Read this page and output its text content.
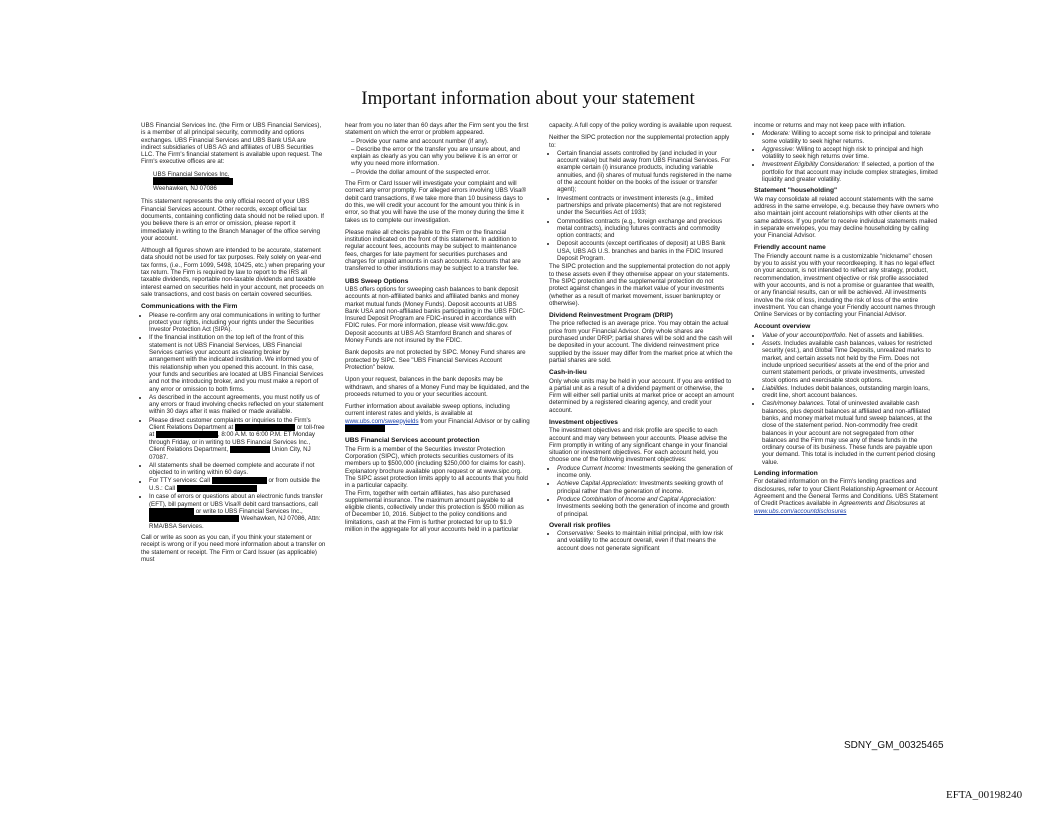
Important information about your statement

UBS Financial Services Inc. (the Firm or UBS Financial Services), is a member of all principal security, commodity and options exchanges. UBS Financial Services and UBS Bank USA are indirect subsidiaries of UBS AG and affiliates of UBS Securities LLC. The Firm's financial statement is available upon request. The Firm's executive offices are at:

UBS Financial Services Inc.
Weehawken, NJ 07086

This statement represents the only official record of your UBS Financial Services account. Other records, except official tax documents, containing conflicting data should not be relied upon. If you believe there is an error or omission, please report it immediately in writing to the Branch Manager of the office serving your account.

Although all figures shown are intended to be accurate, statement data should not be used for tax purposes. Rely solely on year-end tax forms, (i.e., Form 1099, 5498, 10425, etc.) when preparing your tax return. The Firm is required by law to report to the IRS all taxable dividends, reportable non-taxable dividends and taxable interest earned on securities held in your account, net proceeds on sale transactions, and cost basis on certain covered securities.

Communications with the Firm
• Please re-confirm any oral communications in writing to further protect your rights, including your rights under the Securities Investor Protection Act (SIPA).
• If the financial institution on the top left of the front of this statement is not UBS Financial Services, UBS Financial Services carries your account as clearing broker by arrangement with the indicated institution. We informed you of this relationship when you opened this account. In this case, your funds and securities are located at UBS Financial Services and not the introducing broker, and you must make a report of any error or omission to both firms.
• As described in the account agreements, you must notify us of any errors or fraud involving checks reflected on your statement within 30 days after it was mailed or made available.
• Please direct customer complaints or inquiries to the Firm's Client Relations Department at	or toll-free at	, 8:00 A.M. to 6:00 P.M. ET Monday through Friday, or in writing to UBS Financial Services Inc., Client Relations Department,	Union City, NJ 07087.
• All statements shall be deemed complete and accurate if not objected to in writing within 60 days.
• For TTY services: Call	or from outside the U.S.: Call
• In case of errors or questions about an electronic funds transfer (EFT), bill payment or UBS Visa® debit card transactions, call  or write to UBS Financial Services Inc.,  Weehawken, NJ 07086, Attn: RMA/BSA Services.

Call or write as soon as you can, if you think your statement or receipt is wrong or if you need more information about a transfer on the statement or receipt. The Firm or Card Issuer (as applicable) must

hear from you no later than 60 days after the Firm sent you the first statement on which the error or problem appeared.

– Provide your name and account number (if any).
– Describe the error or the transfer you are unsure about, and explain as clearly as you can why you believe it is an error or why you need more information.
– Provide the dollar amount of the suspected error.

The Firm or Card Issuer will investigate your complaint and will correct any error promptly. For alleged errors involving UBS Visa® debit card transactions, if we take more than 10 business days to do this, we will credit your account for the amount you think is in error, so that you will have the use of the money during the time it takes us to complete our investigation.

Please make all checks payable to the Firm or the financial institution indicated on the front of this statement. In addition to regular account fees, accounts may be subject to maintenance fees, charges for late payment for securities purchases and charges for unpaid amounts in cash accounts. Accounts that are transferred to other institutions may be subject to a transfer fee.

UBS Sweep Options

UBS offers options for sweeping cash balances to bank deposit accounts at non-affiliated banks and affiliated banks and money market mutual funds (Money Funds). Deposit accounts at UBS Bank USA and non-affiliated banks participating in the UBS FDIC-Insured Deposit Program are FDIC-insured in accordance with FDIC rules. For more information, please visit www.fdic.gov. Deposit accounts at UBS AG Stamford Branch and shares of Money Funds are not insured by the FDIC.

Bank deposits are not protected by SIPC. Money Fund shares are protected by SIPC. See "UBS Financial Services Account Protection" below.

Upon your request, balances in the bank deposits may be withdrawn, and shares of a Money Fund may be liquidated, and the proceeds returned to you or your securities account.

Further information about available sweep options, including current interest rates and yields, is available at www.ubs.com/sweepyields from your Financial Advisor or by calling

UBS Financial Services account protection

The Firm is a member of the Securities Investor Protection Corporation (SIPC), which protects securities customers of its members up to $500,000 (including $250,000 for claims for cash). Explanatory brochure available upon request or at www.sipc.org. The SIPC asset protection limits apply to all accounts that you hold in a particular capacity.

The Firm, together with certain affiliates, has also purchased supplemental insurance. The maximum amount payable to all eligible clients, collectively under this protection is $500 million as of December 10, 2016. Subject to the policy conditions and limitations, cash at the Firm is further protected for up to $1.9 million in the aggregate for all your accounts held in a particular

capacity. A full copy of the policy wording is available upon request.

Neither the SIPC protection nor the supplemental protection apply to:

• Certain financial assets controlled by (and included in your account value) but held away from UBS Financial Services. For example certain (i) insurance products, including variable annuities, and (ii) shares of mutual funds registered in the name of the account holder on the books of the issuer or transfer agent);
• Investment contracts or investment interests (e.g., limited partnerships and private placements) that are not registered under the Securities Act of 1933;
• Commodities contracts (e.g., foreign exchange and precious metal contracts), including futures contracts and commodity option contracts; and
• Deposit accounts (except certificates of deposit) at UBS Bank USA, UBS AG U.S. branches and banks in the FDIC Insured Deposit Program.

The SIPC protection and the supplemental protection do not apply to these assets even if they otherwise appear on your statements. The SIPC protection and the supplemental protection do not protect against changes in the market value of your investments (whether as a result of market movement, issuer bankruptcy or otherwise).

Dividend Reinvestment Program (DRIP)

The price reflected is an average price. You may obtain the actual price from your Financial Advisor. Only whole shares are purchased under DRIP; partial shares will be sold and the cash will be deposited in your account. The dividend reinvestment price supplied by the issuer may differ from the market price at which the partial shares are sold.

Cash-in-lieu

Only whole units may be held in your account. If you are entitled to a partial unit as a result of a dividend payment or otherwise, the Firm will either sell partial units at market price or accept an amount determined by a registered clearing agency, and credit your account.

Investment objectives

The investment objectives and risk profile are specific to each account and may vary between your accounts. Please advise the Firm promptly in writing of any significant change in your financial situation or investment objectives. For each account held, you choose one of the following investment objectives:

• Produce Current Income: Investments seeking the generation of income only.
• Achieve Capital Appreciation: Investments seeking growth of principal rather than the generation of income.
• Produce Combination of Income and Capital Appreciation: Investments seeking both the generation of income and growth of principal.
Overall risk profiles
• Conservative: Seeks to maintain initial principal, with low risk and volatility to the account overall, even if that means the account does not generate significant

income or returns and may not keep pace with inflation.

• Moderate: Willing to accept some risk to principal and tolerate some volatility to seek higher returns.
• Aggressive: Willing to accept high risk to principal and high volatility to seek high returns over time.
• Investment Eligibility Consideration: If selected, a portion of the portfolio for that account may include complex strategies, limited liquidity and greater volatility.
Statement "householding"

We may consolidate all related account statements with the same address in the same envelope, e.g. because they have owners who also maintain joint account relationships with other clients at the same address. If you prefer to receive individual statements mailed in separate envelopes, you may decline householding by calling your Financial Advisor.

Friendly account name

The Friendly account name is a customizable "nickname" chosen by you to assist you with your recordkeeping. It has no legal effect on your account, is not intended to reflect any strategy, product, recommendation, investment objective or risk profile associated with your accounts, and is not a promise or guarantee that wealth, or any financial results, can or will be achieved. All investments involve the risk of loss, including the risk of loss of the entire investment. You can change your Friendly account names through Online Services or by contacting your Financial Advisor.

Account overview
• Value of your account/portfolio. Net of assets and liabilities.
• Assets. Includes available cash balances, values for restricted security (est.), and Global Time Deposits, unrealized marks to market, and certain assets not held by the Firm. Does not include unpriced securities/ assets at the end of the prior and current statement periods, or private investments, unvested stock options and exercisable stock options.
• Liabilities. Includes debit balances, outstanding margin loans, credit line, short account balances.
• Cash/money balances. Total of uninvested available cash balances, plus deposit balances at affiliated and non-affiliated banks, and money market mutual fund sweep balances, at the close of the statement period. Non-commodity free credit balances in your account are not segregated from other balances and the Firm may use any of these funds in the ordinary course of its business. These funds are payable upon your demand. This total is included in the current period closing value.
Lending information

For detailed information on the Firm's lending practices and disclosures, refer to your Client Relationship Agreement or Account Agreement and the General Terms and Conditions. UBS Statement of Credit Practices available in Agreements and Disclosures at www.ubs.com/accountdisclosures

SDNY_GM_00325465
EFTA_00198240
